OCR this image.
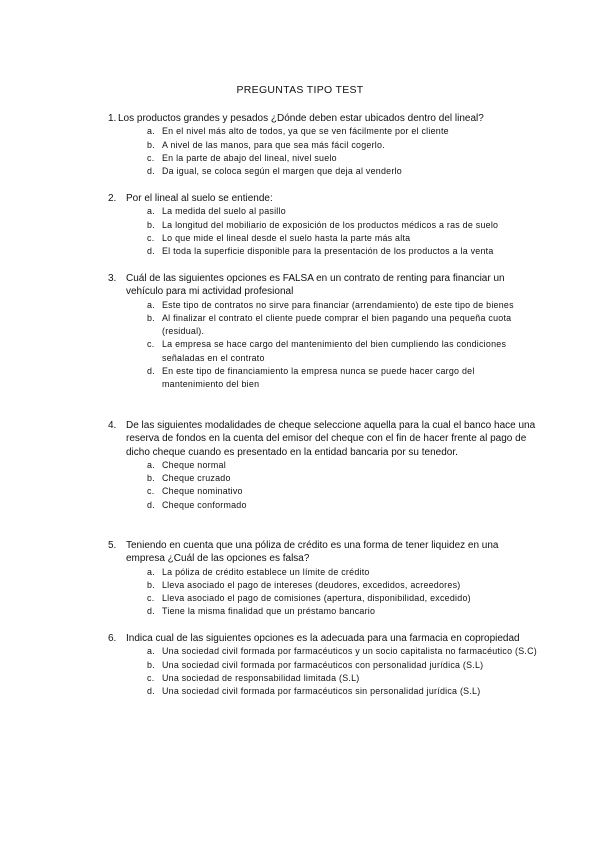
PREGUNTAS TIPO TEST
1. Los productos grandes y pesados ¿Dónde deben estar ubicados dentro del lineal?
a. En el nivel más alto de todos, ya que se ven fácilmente por el cliente
b. A nivel de las manos, para que sea más fácil cogerlo.
c. En la parte de abajo del lineal, nivel suelo
d. Da igual, se coloca según el margen que deja al venderlo
2. Por el lineal al suelo se entiende:
a. La medida del suelo al pasillo
b. La longitud del mobiliario de exposición de los productos médicos a ras de suelo
c. Lo que mide el lineal desde el suelo hasta la parte más alta
d. El toda la superficie disponible para la presentación de los productos a la venta
3. Cuál de las siguientes opciones es FALSA en un contrato de renting para financiar un vehículo para mi actividad profesional
a. Este tipo de contratos no sirve para financiar (arrendamiento) de este tipo de bienes
b. Al finalizar el contrato el cliente puede comprar el bien pagando una pequeña cuota (residual).
c. La empresa se hace cargo del mantenimiento del bien cumpliendo las condiciones señaladas en el contrato
d. En este tipo de financiamiento la empresa nunca se puede hacer cargo del mantenimiento del bien
4. De las siguientes modalidades de cheque seleccione aquella para la cual el banco hace una reserva de fondos en la cuenta del emisor del cheque con el fin de hacer frente al pago de dicho cheque cuando es presentado en la entidad bancaria por su tenedor.
a. Cheque normal
b. Cheque cruzado
c. Cheque nominativo
d. Cheque conformado
5. Teniendo en cuenta que una póliza de crédito es una forma de tener liquidez en una empresa ¿Cuál de las opciones es falsa?
a. La póliza de crédito establece un límite de crédito
b. Lleva asociado el pago de intereses (deudores, excedidos, acreedores)
c. Lleva asociado el pago de comisiones (apertura, disponibilidad, excedido)
d. Tiene la misma finalidad que un préstamo bancario
6. Indica cual de las siguientes opciones es la adecuada para una farmacia en copropiedad
a. Una sociedad civil formada por farmacéuticos y un socio capitalista no farmacéutico (S.C)
b. Una sociedad civil formada por farmacéuticos con personalidad jurídica (S.L)
c. Una sociedad de responsabilidad limitada (S.L)
d. Una sociedad civil formada por farmacéuticos sin personalidad jurídica (S.L)
